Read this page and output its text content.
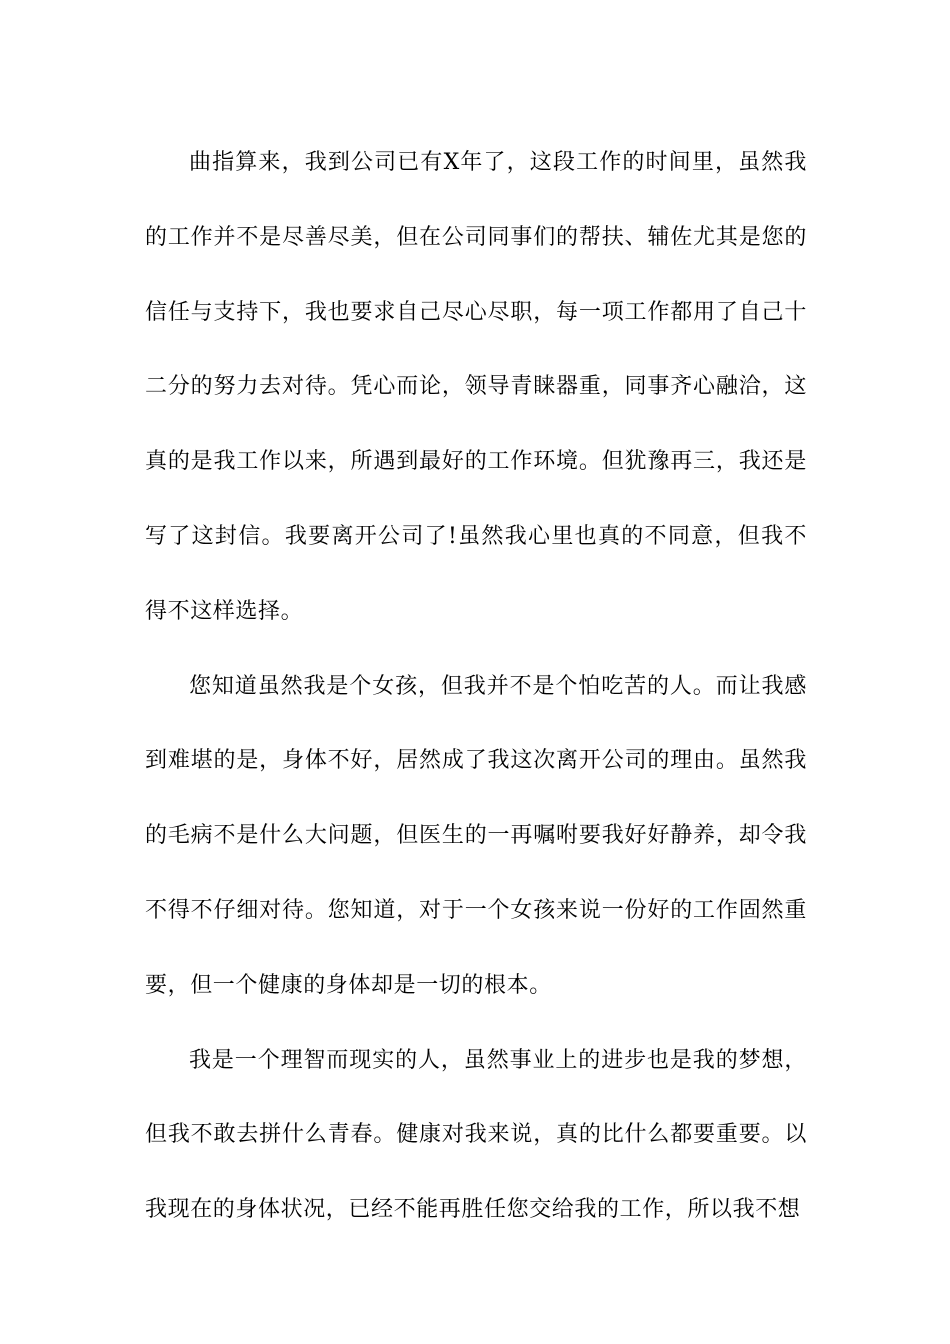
曲指算来，我到公司已有X年了，这段工作的时间里，虽然我的工作并不是尽善尽美，但在公司同事们的帮扶、辅佐尤其是您的信任与支持下，我也要求自己尽心尽职，每一项工作都用了自己十二分的努力去对待。凭心而论，领导青睐器重，同事齐心融洽，这真的是我工作以来，所遇到最好的工作环境。但犹豫再三，我还是写了这封信。我要离开公司了!虽然我心里也真的不同意，但我不得不这样选择。

您知道虽然我是个女孩，但我并不是个怕吃苦的人。而让我感到难堪的是，身体不好，居然成了我这次离开公司的理由。虽然我的毛病不是什么大问题，但医生的一再嘱咐要我好好静养，却令我不得不仔细对待。您知道，对于一个女孩来说一份好的工作固然重要，但一个健康的身体却是一切的根本。

我是一个理智而现实的人，虽然事业上的进步也是我的梦想，但我不敢去拼什么青春。健康对我来说，真的比什么都要重要。以我现在的身体状况，已经不能再胜任您交给我的工作，所以我不想
